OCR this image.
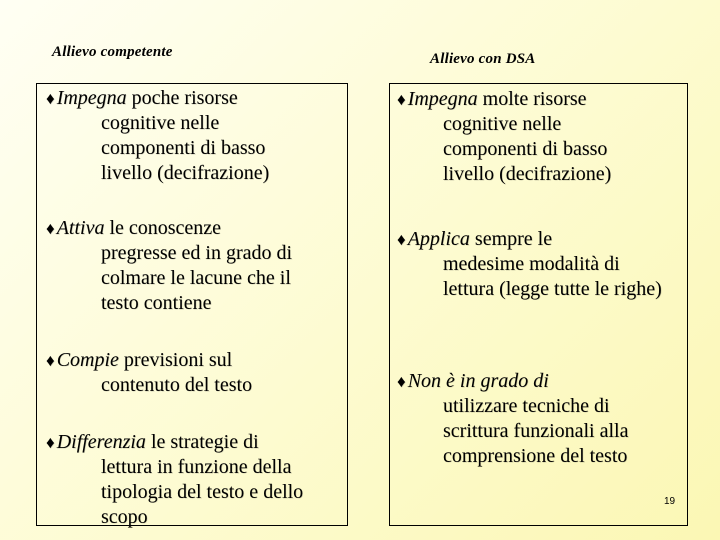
Allievo competente	Allievo con DSA
♦ Impegna poche risorse
cognitive nelle componenti di basso livello (decifrazione)
♦ Attiva le conoscenze
pregresse ed in grado di colmare le lacune che il testo contiene
♦ Compie previsioni sul
contenuto del testo
♦ Differenzia le strategie di
lettura in funzione della tipologia del testo e dello scopo
♦ Impegna molte risorse
cognitive nelle componenti di basso livello (decifrazione)
♦ Applica sempre le
medesime modalità di lettura (legge tutte le righe)
♦ Non è in grado di
utilizzare tecniche di scrittura funzionali alla comprensione del testo
19
